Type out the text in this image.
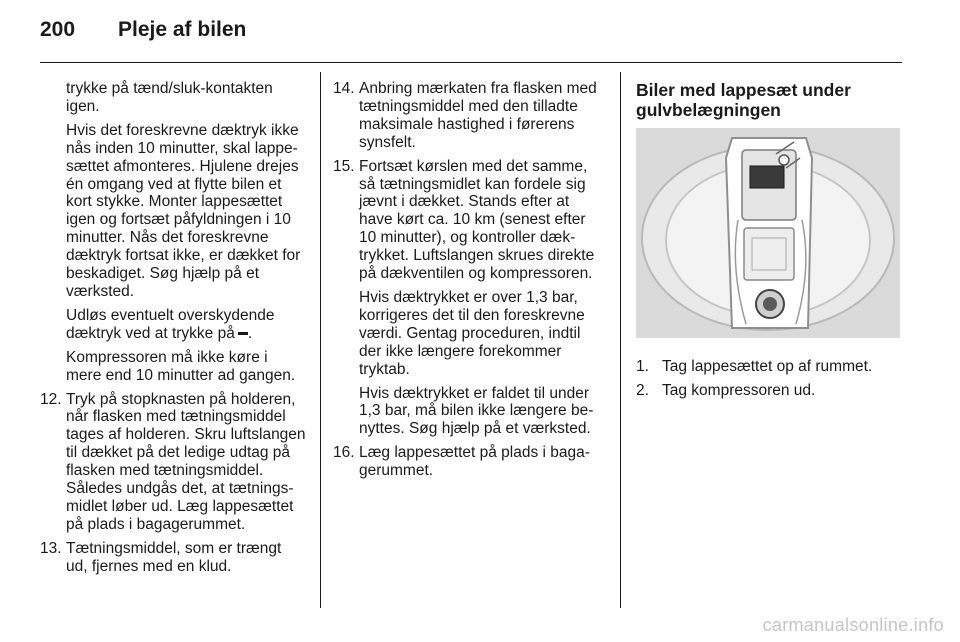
200	Pleje af bilen

trykke på tænd/sluk-kontakten igen.

Hvis det foreskrevne dæktryk ikke nås inden 10 minutter, skal lappesættet afmonteres. Hjulene drejes én omgang ved at flytte bilen et kort stykke. Monter lappesættet igen og fortsæt påfyldningen i 10 minutter. Nås det foreskrevne dæktryk fortsat ikke, er dækket for beskadiget. Søg hjælp på et værksted.

Udløs eventuelt overskydende dæktryk ved at trykke på .

Kompressoren må ikke køre i mere end 10 minutter ad gangen.

12. Tryk på stopknasten på holderen, når flasken med tætningsmiddel tages af holderen. Skru luftslangen til dækket på det ledige udtag på flasken med tætningsmiddel. Således undgås det, at tætningsmidlet løber ud. Læg lappesættet på plads i bagagerummet.
13. Tætningsmiddel, som er trængt ud, fjernes med en klud.
14. Anbring mærkaten fra flasken med tætningsmiddel med den tilladte maksimale hastighed i førerens synsfelt.
15. Fortsæt kørslen med det samme, så tætningsmidlet kan fordele sig jævnt i dækket. Stands efter at have kørt ca. 10 km (senest efter 10 minutter), og kontroller dæktrykket. Luftslangen skrues direkte på dækventilen og kompressoren.

Hvis dæktrykket er over 1,3 bar, korrigeres det til den foreskrevne værdi. Gentag proceduren, indtil der ikke længere forekommer tryktab.

Hvis dæktrykket er faldet til under 1,3 bar, må bilen ikke længere benyttes. Søg hjælp på et værksted.

16. Læg lappesættet på plads i bagagerummet.
Biler med lappesæt under gulvbelægningen
1. Tag lappesættet op af rummet.
2. Tag kompressoren ud.
carmanualsonline.info
